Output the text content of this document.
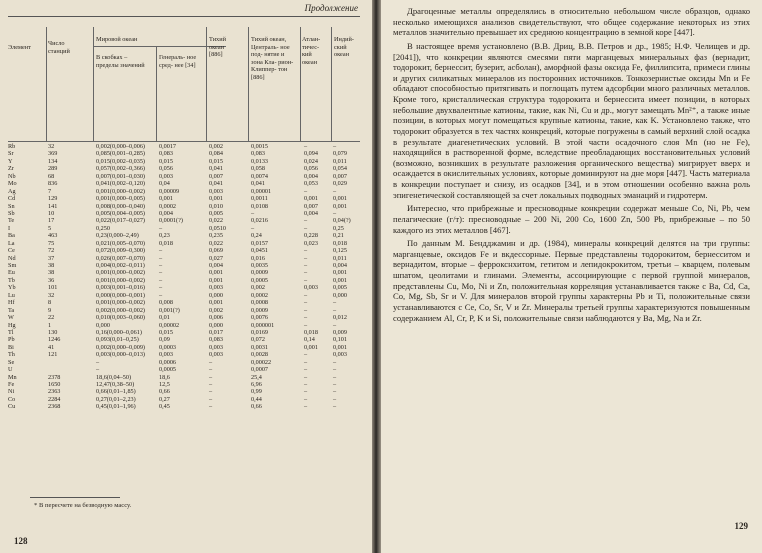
Продолжение
Элемент
Число станций
Мировой океан
В скобках – пределы значений
Генераль- ное сред- нее [34]
Тихий океан [886]
Тихий океан, Централь- ное под- нятие и зона Кла- рион- Клиппер- тон [886]
Атлан- тичес- кий океан
Индий- ский океан
Rb	32	0,002(0,000–0,006) 0,0017	0,002	0,0015	–	–
Sr	369	0,085(0,001–0,285) 0,083	0,084	0,083	0,094 0,079
Y	134	0,015(0,002–0,035) 0,015	0,015	0,0133	0,024 0,011
Zr	289	0,057(0,002–0,366) 0,056	0,041	0,058	0,056 0,054
Nb	68	0,007(0,001–0,030) 0,003	0,007	0,0074	0,004 0,007
Mo	836	0,041(0,002–0,120) 0,04	0,041	0,041	0,053 0,029
Ag	7	0,001(0,000–0,002) 0,00009	0,003	0,00001	–	–
Cd	129	0,001(0,000–0,005) 0,001	0,001	0,0011	0,001 0,001
Sn	141	0,008(0,000–0,040) 0,0002	0,010	0,0108	0,007 0,001
Sb	10	0,005(0,004–0,005) 0,004	0,005	–	0,004 –
Te	17	0,022(0,017–0,027) 0,0001(?)	0,022	0,0216	–	0,04(?)
I	5	0,250	–	0,0510	–	–	0,25
Ba	463	0,23(0,000–2,49)	0,23	0,235	0,24	0,228 0,21
La	75	0,021(0,005–0,070) 0,018	0,022	0,0157	0,023 0,018
Ce	72	0,072(0,009–0,300) –	0,069	0,0451	–	0,125
Nd	37	0,026(0,007–0,070) –	0,027	0,016	–	0,011
Sm	38	0,004(0,002–0,011) –	0,004	0,0035	–	0,004
Eu	38	0,001(0,000–0,002) –	0,001	0,0009	–	0,001
Tb	36	0,001(0,000–0,002) –	0,001	0,0005	–	0,001
Yb	101	0,003(0,001–0,016) –	0,003	0,002	0,003 0,005
Lu	32	0,000(0,000–0,001) –	0,000	0,0002	–	0,000
Hf	8	0,001(0,000–0,002) 0,008	0,001	0,0008	–	–
Ta	9	0,002(0,000–0,002) 0,001(?)	0,002	0,0009	–	–
W	22	0,010(0,003–0,060) 0,01	0,006	0,0076	–	0,012
Hg	1	0,000	0,00002	0,000	0,000001	–	–
Tl	130	0,16(0,000–0,061)	0,015	0,017	0,0169	0,018 0,009
Pb	1246	0,093(0,01–0,25)	0,09	0,083	0,072	0,14	0,101
Bi	41	0,002(0,000–0,009) 0,0003	0,003	0,0031	0,001 0,001
Th	121	0,003(0,000–0,013) 0,003	0,003	0,0028	–	0,003
Se	–	0,0006	–	0,00022	–	–
U	–	0,0005	–	0,0007	–	–
Mn	2378	18,6(0,04–50)	18,6	–	25,4	–	–
Fe	1650	12,47(0,38–50)	12,5	–	6,96	–	–
Ni	2363	0,66(0,01–1,85)	0,66	–	0,99	–	–
Co	2284	0,27(0,01–2,23)	0,27	–	0,44	–	–
Cu	2368	0,45(0,01–1,96)	0,45	–	0,66	–	–
* В пересчете на безводную массу.
128

Драгоценные металлы определялись в относительно небольшом числе образцов, однако несколько имеющихся анализов свидетельствуют, что общее содержание некоторых из этих металлов значительно превышает их среднюю концентрацию в земной коре [447].

В настоящее время установлено (В.В. Дриц, В.В. Петров и др., 1985; Н.Ф. Челищев и др. [2041]), что конкреции являются смесями пяти марганцевых минеральных фаз (вернадит, тодорокит, бернессит, бузерит, асболан), аморфной фазы оксида Fe, филлипсита, примеси глины и других силикатных минералов из посторонних источников. Тонкозернистые оксиды Mn и Fe обладают способностью притягивать и поглощать путем адсорбции много различных металлов. Кроме того, кристаллическая структура тодорокита и бернессита имеет позиции, в которых небольшие двухвалентные катионы, такие, как Ni, Cu и др., могут замещать Mn²⁺, а также иные позиции, в которых могут помещаться крупные катионы, такие, как K. Установлено также, что тодорокит образуется в тех частях конкреций, которые погружены в самый верхний слой осадка в результате диагенетических условий. В этой части осадочного слоя Mn (но не Fe), находящийся в растворенной форме, вследствие преобладающих восстановительных условий (возможно, возникших в результате разложения органического вещества) мигрирует вверх и осаждается в окислительных условиях, которые доминируют на дне моря [447]. Часть материала в конкреции поступает и снизу, из осадков [34], и в этом отношении особенно важна роль эпигенетической составляющей за счет локальных подводных эманаций и гидротерм.

Интересно, что прибрежные и пресноводные конкреции содержат меньше Co, Ni, Pb, чем пелагические (г/т): пресноводные – 200 Ni, 200 Co, 1600 Zn, 500 Pb, прибрежные – по 50 каждого из этих металлов [467].

По данным М. Бендджамин и др. (1984), минералы конкреций делятся на три группы: марганцевые, оксидов Fe и вкдессорные. Первые представлены тодорокитом, бернесситом и вернадитом, вторые – феррокснхитом, гетитом и лепидокрокитом, третьи – кварцем, полевым шпатом, цеолитами и глинами. Элементы, ассоциирующие с первой группой минералов, представлены Cu, Mo, Ni и Zn, положительная корреляция устанавливается также с Ba, Cd, Ca, Co, Mg, Sb, Sr и V. Для минералов второй группы характерны Pb и Ti, положительные связи устанавливаются с Ce, Co, Sr, V и Zr. Минералы третьей группы характеризуются повышенным содержанием Al, Cr, P, K и Si, положительные связи наблюдаются у Ba, Mg, Na и Zr.

129
